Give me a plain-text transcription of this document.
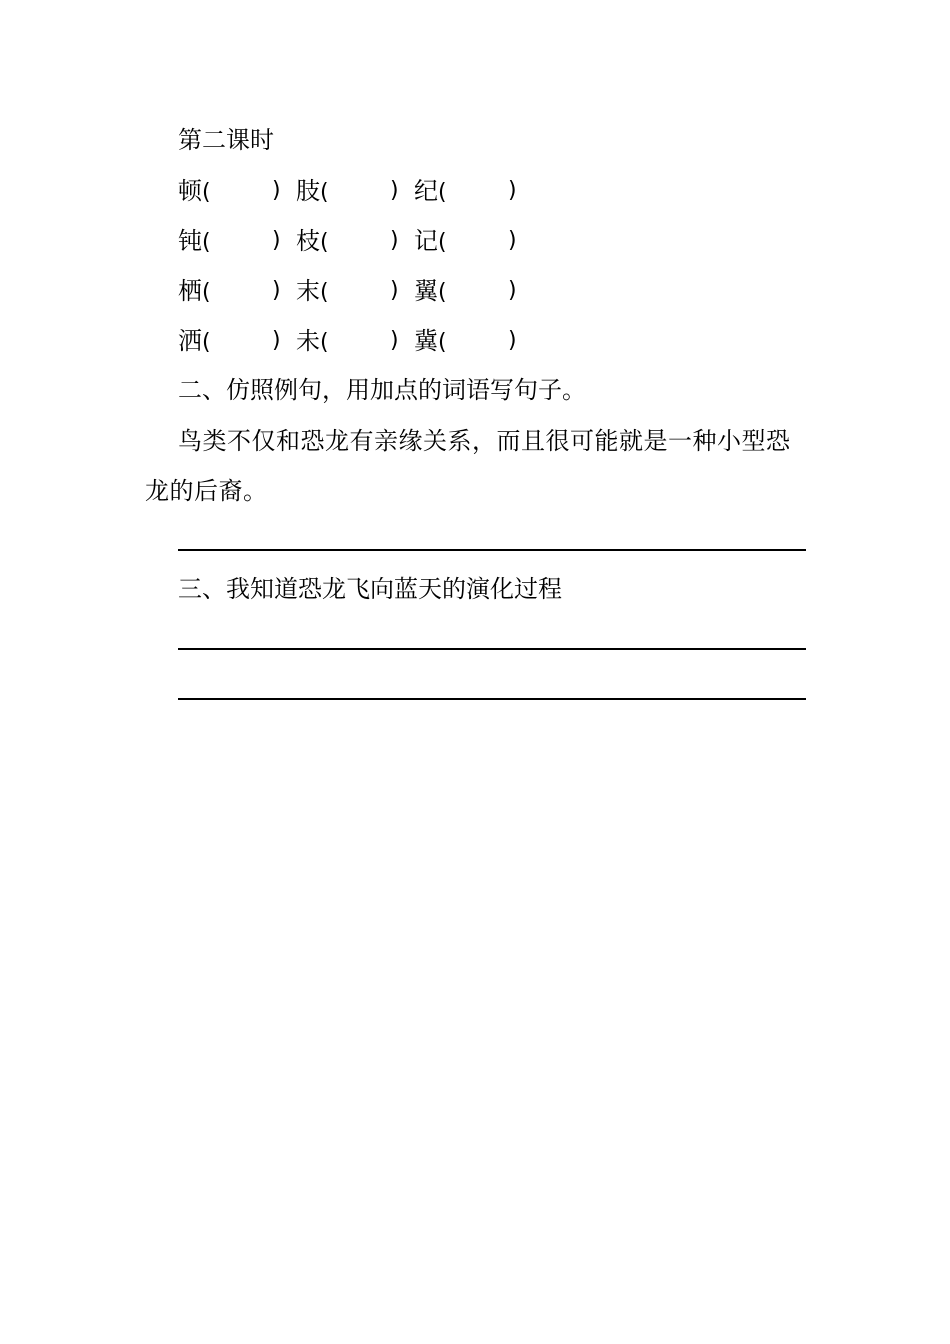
第二课时
顿(	) 肢(	) 纪(	)
钝(	) 枝(	) 记(	)
栖(	) 末(	) 翼(	)
洒(	) 未(	) 冀(	)
二、仿照例句，用加点的词语写句子。
鸟类不仅和恐龙有亲缘关系，而且很可能就是一种小型恐龙的后裔。
三、我知道恐龙飞向蓝天的演化过程
